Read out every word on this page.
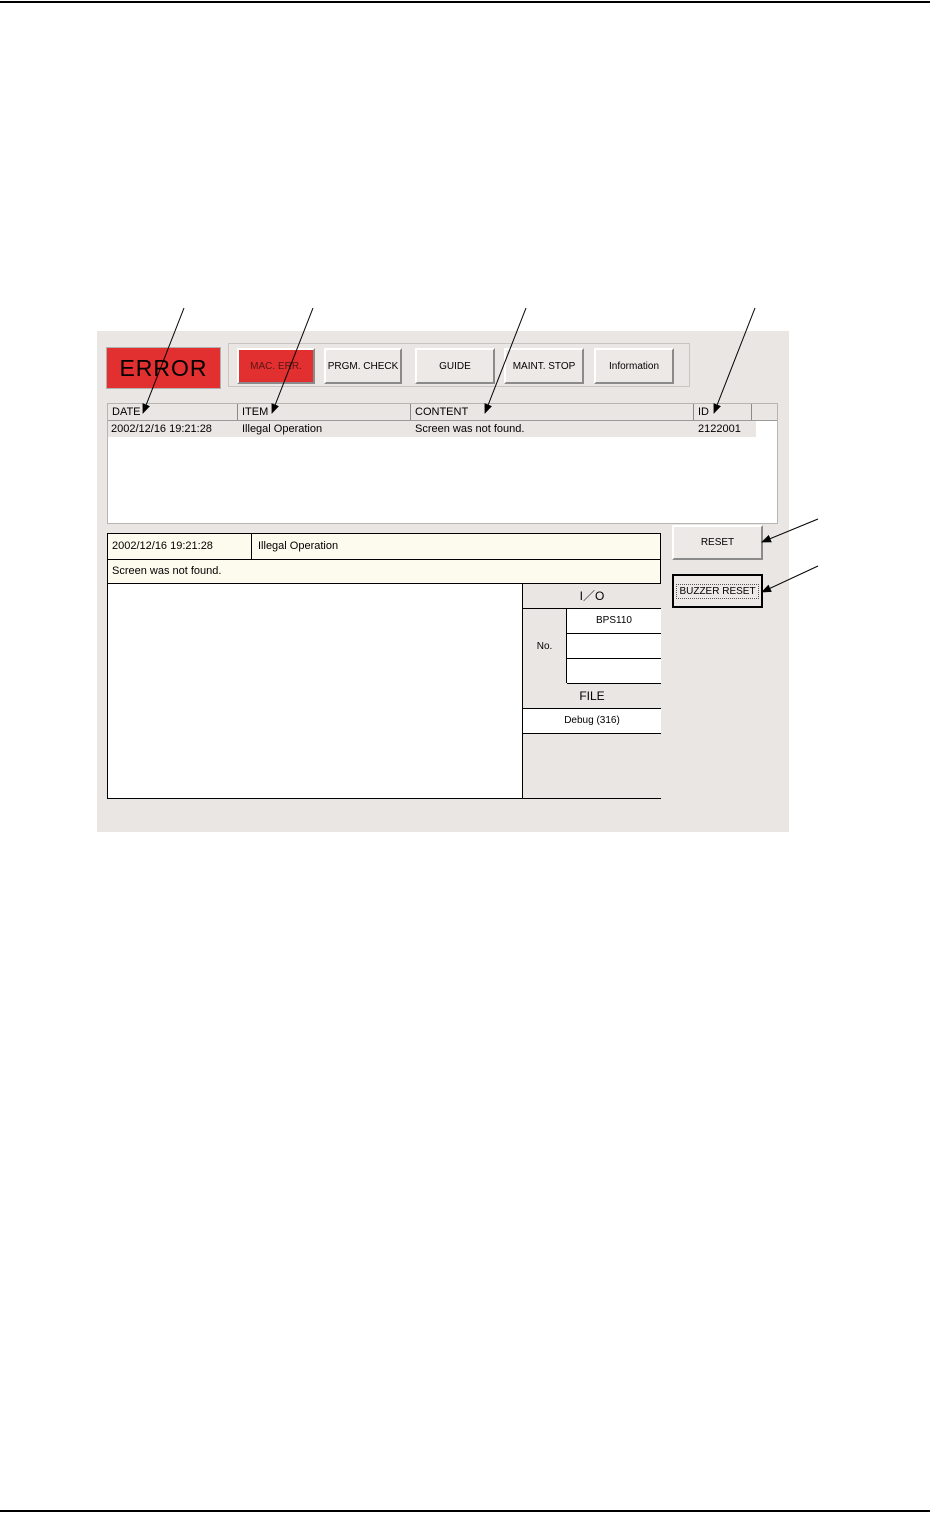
ERROR	MAC. ERR.	PRGM. CHECK	GUIDE	MAINT. STOP	Information
DATE	ITEM	CONTENT	ID
2002/12/16 19:21:28	Illegal Operation	Screen was not found.	2122001
2002/12/16 19:21:28	Illegal Operation
Screen was not found.
I／O
No.
BPS110
FILE
Debug (316)
RESET
BUZZER RESET
